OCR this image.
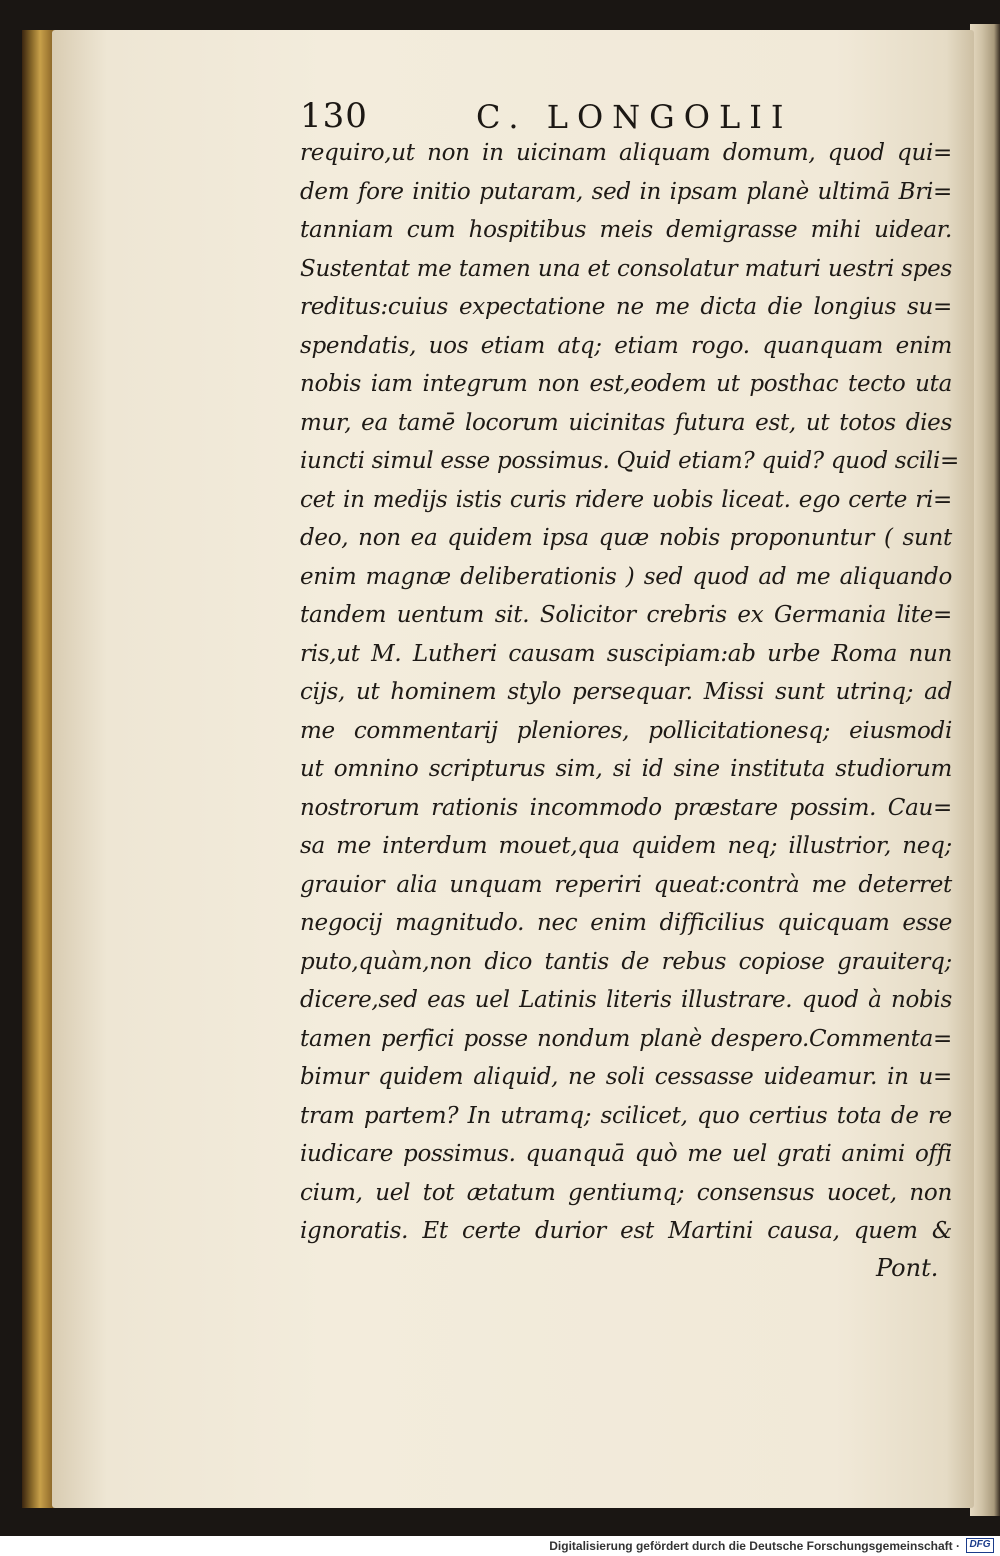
130	C. LONGOLII
requiro,ut non in uicinam aliquam domum, quod qui=
dem fore initio putaram, sed in ipsam planè ultimā Bri=
tanniam cum hospitibus meis demigrasse mihi uidear.
Sustentat me tamen una et consolatur maturi uestri spes
reditus:cuius expectatione ne me dicta die longius su=
spendatis, uos etiam atq; etiam rogo. quanquam enim
nobis iam integrum non est,eodem ut posthac tecto uta
mur, ea tamē locorum uicinitas futura est, ut totos dies
iuncti simul esse possimus. Quid etiam? quid? quod scili=
cet in medijs istis curis ridere uobis liceat. ego certe ri=
deo, non ea quidem ipsa quæ nobis proponuntur ( sunt
enim magnæ deliberationis ) sed quod ad me aliquando
tandem uentum sit. Solicitor crebris ex Germania lite=
ris,ut M. Lutheri causam suscipiam:ab urbe Roma nun
cijs, ut hominem stylo persequar. Missi sunt utrinq; ad
me commentarij pleniores, pollicitationesq; eiusmodi
ut omnino scripturus sim, si id sine instituta studiorum
nostrorum rationis incommodo præstare possim. Cau=
sa me interdum mouet,qua quidem neq; illustrior, neq;
grauior alia unquam reperiri queat:contrà me deterret
negocij magnitudo. nec enim difficilius quicquam esse
puto,quàm,non dico tantis de rebus copiose grauiterq;
dicere,sed eas uel Latinis literis illustrare. quod à nobis
tamen perfici posse nondum planè despero.Commenta=
bimur quidem aliquid, ne soli cessasse uideamur. in u=
tram partem? In utramq; scilicet, quo certius tota de re
iudicare possimus. quanquā quò me uel grati animi offi
cium, uel tot ætatum gentiumq; consensus uocet, non
ignoratis. Et certe durior est Martini causa, quem &
Pont.
Digitalisierung gefördert durch die Deutsche Forschungsgemeinschaft · DFG
